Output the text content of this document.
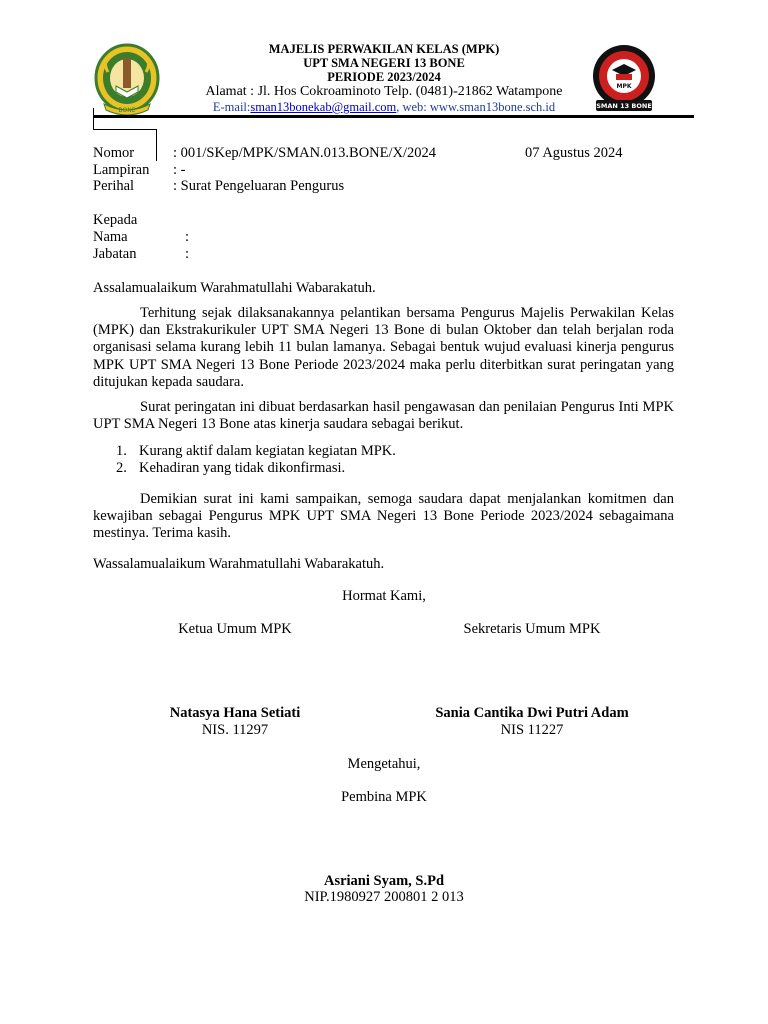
BONE
MPK
SMAN 13 BONE
MAJELIS PERWAKILAN KELAS (MPK)
UPT SMA NEGERI 13 BONE
PERIODE 2023/2024
Alamat : Jl. Hos Cokroaminoto Telp. (0481)-21862 Watampone
E-mail:sman13bonekab@gmail.com, web: www.sman13bone.sch.id
Nomor	: 001/SKep/MPK/SMAN.013.BONE/X/2024	07 Agustus 2024
Lampiran : -
Perihal	: Surat Pengeluaran Pengurus
Kepada
Nama	:
Jabatan	:
Assalamualaikum Warahmatullahi Wabarakatuh.
Terhitung sejak dilaksanakannya pelantikan bersama Pengurus Majelis Perwakilan Kelas (MPK) dan Ekstrakurikuler UPT SMA Negeri 13 Bone di bulan Oktober dan telah berjalan roda organisasi selama kurang lebih 11 bulan lamanya. Sebagai bentuk wujud evaluasi kinerja pengurus MPK UPT SMA Negeri 13 Bone Periode 2023/2024 maka perlu diterbitkan surat peringatan yang ditujukan kepada saudara.
Surat peringatan ini dibuat berdasarkan hasil pengawasan dan penilaian Pengurus Inti MPK UPT SMA Negeri 13 Bone atas kinerja saudara sebagai berikut.
1. Kurang aktif dalam kegiatan kegiatan MPK.
2. Kehadiran yang tidak dikonfirmasi.
Demikian surat ini kami sampaikan, semoga saudara dapat menjalankan komitmen dan kewajiban sebagai Pengurus MPK UPT SMA Negeri 13 Bone Periode 2023/2024 sebagaimana mestinya. Terima kasih.
Wassalamualaikum Warahmatullahi Wabarakatuh.
Hormat Kami,
Ketua Umum MPK	Sekretaris Umum MPK
Natasya Hana Setiati
NIS. 11297
Sania Cantika Dwi Putri Adam
NIS 11227
Mengetahui,
Pembina MPK
Asriani Syam, S.Pd
NIP.1980927 200801 2 013
